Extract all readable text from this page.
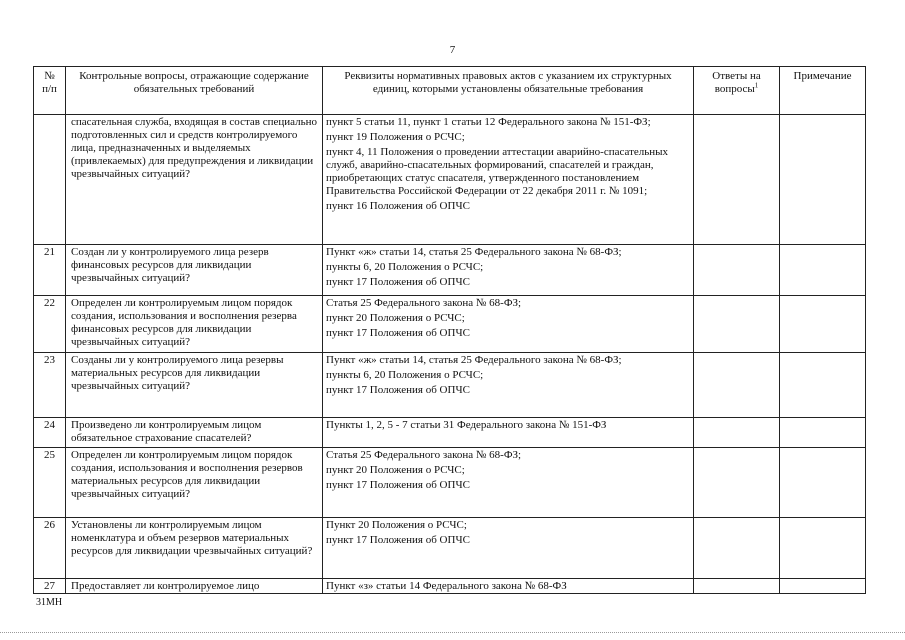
7
№
п/п	Контрольные вопросы, отражающие содержание обязательных требований	Реквизиты нормативных правовых актов с указанием их структурных единиц, которыми установлены обязательные требования	Ответы на вопросы$^1$	Примечание
	спасательная служба, входящая в состав специально подготовленных сил и средств контролируемого лица, предназначенных и выделяемых (привлекаемых) для предупреждения и ликвидации чрезвычайных ситуаций?	пункт 5 статьи 11, пункт 1 статьи 12 Федерального закона № 151-ФЗ;
пункт 19 Положения о РСЧС;
пункт 4, 11 Положения о проведении аттестации аварийно-спасательных служб, аварийно-спасательных формирований, спасателей и граждан, приобретающих статус спасателя, утвержденного постановлением Правительства Российской Федерации от 22 декабря 2011 г. № 1091;
пункт 16 Положения об ОПЧС		

21	Создан ли у контролируемого лица резерв финансовых ресурсов для ликвидации чрезвычайных ситуаций?	Пункт «ж» статьи 14, статья 25 Федерального закона № 68-ФЗ;
пункты 6, 20 Положения о РСЧС;
пункт 17 Положения об ОПЧС		

22	Определен ли контролируемым лицом порядок создания, использования и восполнения резерва финансовых ресурсов для ликвидации чрезвычайных ситуаций?	Статья 25 Федерального закона № 68-ФЗ;
пункт 20 Положения о РСЧС;
пункт 17 Положения об ОПЧС		

23	Созданы ли у контролируемого лица резервы материальных ресурсов для ликвидации чрезвычайных ситуаций?	Пункт «ж» статьи 14, статья 25 Федерального закона № 68-ФЗ;
пункты 6, 20 Положения о РСЧС;
пункт 17 Положения об ОПЧС		

24	Произведено ли контролируемым лицом обязательное страхование спасателей?	Пункты 1, 2, 5 - 7 статьи 31 Федерального закона № 151-ФЗ		

25	Определен ли контролируемым лицом порядок создания, использования и восполнения резервов материальных ресурсов для ликвидации чрезвычайных ситуаций?	Статья 25 Федерального закона № 68-ФЗ;
пункт 20 Положения о РСЧС;
пункт 17 Положения об ОПЧС		

26	Установлены ли контролируемым лицом номенклатура и объем резервов материальных ресурсов для ликвидации чрезвычайных ситуаций?	Пункт 20 Положения о РСЧС;
пункт 17 Положения об ОПЧС		

27	Предоставляет ли контролируемое лицо	Пункт «з» статьи 14 Федерального закона № 68-ФЗ		

31МН
